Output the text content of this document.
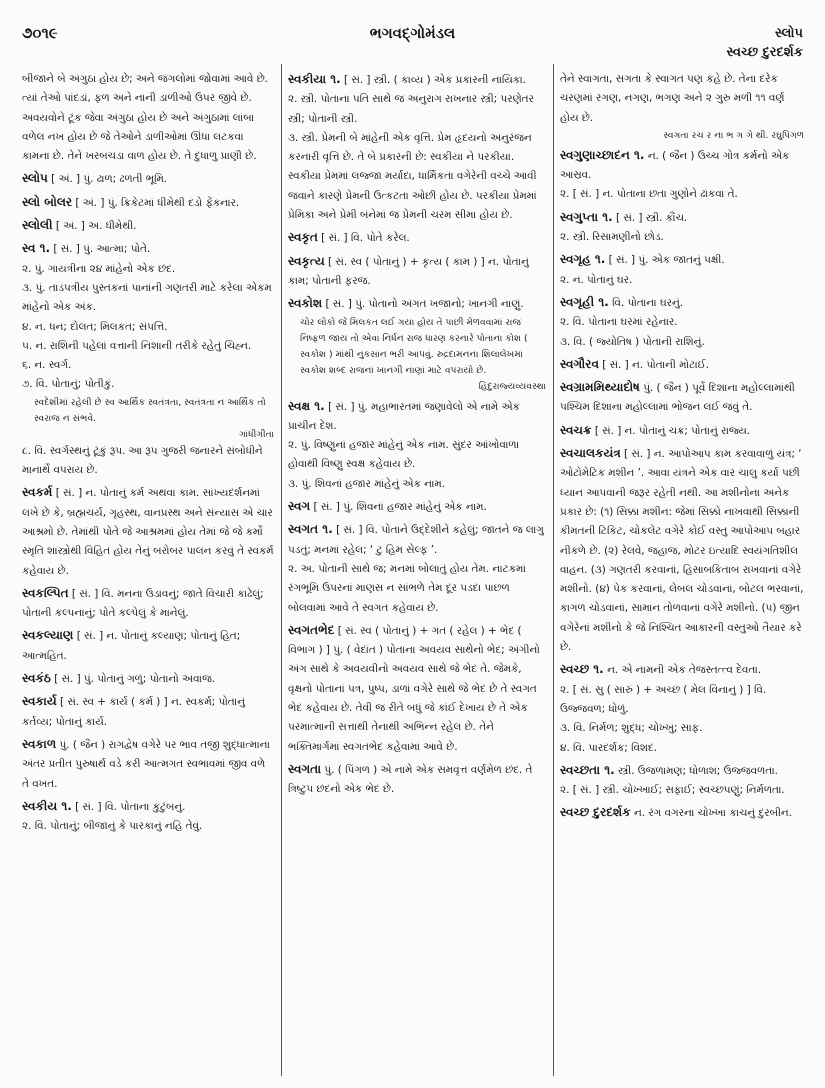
૭૦૧૯	ભગવદ્ગોમંડલ	સ્લોપ
સ્વચ્છ દુરદર્શક
બીજાને બે અંગુઠા હોય છે; અને જંગલોમાં જોવામાં આવે છે. ત્યાં તેઓ પાંદડાં, ફળ અને નાની ડાળીઓ ઉપર જીવે છે. અવયવોને ટૂંક જેવા અંગુઠા હોય છે અને અંગુઠામાં લાંબા વળેલ નખ હોય છે જે તેઓને ડાળીઓમાં ઊંધા લટકવા કામના છે. તેને ખરબચડા વાળ હોય છે. તે દુધાળુ પ્રાણી છે.
સ્લોપ [ અં. ] પું. ઢાળ; ઢળતી ભૂમિ.
સ્લો બોલર [ અં. ] પું. ક્રિકેટમાં ધીમેથી દડો ફેંકનાર.
સ્લોલી [ અં. ] અ. ધીમેથી.
સ્વ ૧. [ સં. ] પું. આત્મા; પોતે.
૨. પું. ગાયત્રીના ૨૪ માંહેનો એક છંદ.
૩. પું. તાડપત્રીય પુસ્તકનાં પાનાંની ગણતરી માટે કરેલા એકમ માંહેનો એક અંક.
૪. ન. ધન; દોલત; મિલકત; સંપત્તિ.
૫. ન. રાશિની પહેલાં વત્તાની નિશાની તરીકે રહેતું ચિહ્ન.
૬. ન. સ્વર્ગ.
૭. વિ. પોતાનું; પોતીકું.
સ્વદેશીમાં રહેલી છે સ્વ આર્થિક સ્વતંત્રતા, સ્વતંત્રતા ન આર્થિક તો સ્વરાજ ન સંભવે.
ગાંધીગીતા
૮. વિ. સ્વર્ગસ્થનું ટૂંકું રૂપ. આ રૂપ ગુજરી જનારને સંબોધીને માનાર્થે વપરાય છે.
સ્વકર્મ [ સં. ] ન. પોતાનું કર્મ અથવા કામ. સાંખ્યદર્શનમાં લખે છે કે, બ્રહ્મચર્ય, ગૃહસ્થ, વાનપ્રસ્થ અને સંન્યાસ એ ચાર આશ્રમો છે. તેમાંથી પોતે જે આશ્રમમાં હોય તેમાં જે જે કર્મો સ્મૃતિ શાસ્ત્રોથી વિહિત હોય તેનું બરોબર પાલન કરવું તે સ્વકર્મ કહેવાય છે.
સ્વકલ્પિત [ સં. ] વિ. મનના ઉડાવનું; જાતે વિચારી કાઢેલું; પોતાની કલ્પનાનું; પોતે કલ્પેલું કે માનેલું.
સ્વકલ્યાણ [ સં. ] ન. પોતાનું કલ્યાણ; પોતાનું હિત; આત્મહિત.
સ્વકંઠ [ સં. ] પું. પોતાનું ગળું; પોતાનો અવાજ.
સ્વકાર્ય [ સં. સ્વ + કાર્ય ( કર્મ ) ] ન. સ્વકર્મ; પોતાનું કર્તવ્ય; પોતાનું કાર્ય.
સ્વકાળ પું. ( જૈન ) રાગદ્વેષ વગેરે પર ભાવ તજી શુદ્ધાત્માના અંતર પ્રતીત પુરુષાર્થ વડે કરી આત્મગત સ્વભાવમાં જીવ વળે તે વખત.
સ્વકીય ૧. [ સં. ] વિ. પોતાના કુટુંબનું.
૨. વિ. પોતાનું; બીજાનું કે પારકાનું નહિ તેવું.
સ્વકીયા ૧. [ સં. ] સ્ત્રી. ( કાવ્ય ) એક પ્રકારની નાયિકા.
૨. સ્ત્રી. પોતાના પતિ સાથે જ અનુરાગ રાખનાર સ્ત્રી; પરણેતર સ્ત્રી; પોતાની સ્ત્રી.
૩. સ્ત્રી. પ્રેમની બે માંહેની એક વૃત્તિ. પ્રેમ હૃદયનો અનુરંજન કરનારી વૃત્તિ છે. તે બે પ્રકારની છે: સ્વકીયા ને પરકીયા. સ્વકીયા પ્રેમમાં લજ્જા મર્યાદા, ધાર્મિકતા વગેરેની વચ્ચે આવી જવાને કારણે પ્રેમની ઉત્કટતા ઓછી હોય છે. પરકીયા પ્રેમમાં પ્રેમિકા અને પ્રેમી બંનેમાં જ પ્રેમની ચરમ સીમા હોય છે.
સ્વકૃત [ સં. ] વિ. પોતે કરેલ.
સ્વકૃત્ય [ સં. સ્વ ( પોતાનું ) + કૃત્ય ( કામ ) ] ન. પોતાનું કામ; પોતાની ફરજ.
સ્વકોશ [ સં. ] પું. પોતાનો અંગત ખજાનો; ખાનગી નાણું.
ચોર લોકો જે મિલકત લઈ ગયા હોય તે પાછી મેળવવામાં રાજ નિષ્ફળ જાય તો એવા નિર્ધન રાજ ધારણ કરનારે પોતાના કોશ ( સ્વકોશ ) માંથી નુકસાન ભરી આપવું. રુદ્રદામનના શિલાલેખમાં સ્વકોશ શબ્દ રાજનાં ખાનગી નાણાં માટે વપરાયો છે.
હિંદુરાજ્યવ્યવસ્થા
સ્વક્ષ ૧. [ સં. ] પું. મહાભારતમાં જણાવેલો એ નામે એક પ્રાચીન દેશ.
૨. પું. વિષ્ણુનાં હજાર માંહેનું એક નામ. સુંદર આંખોવાળા હોવાથી વિષ્ણુ સ્વક્ષ કહેવાય છે.
૩. પું. શિવનાં હજાર માંહેનું એક નામ.
સ્વગ [ સં. ] પું. શિવનાં હજાર માંહેનું એક નામ.
સ્વગત ૧. [ સં. ] વિ. પોતાને ઉદ્દેશીને કહેલું; જાતને જ લાગુ પડતું; મનમાં રહેલ; ‘ ટુ હિમ સેલ્ફ ’.
૨. અ. પોતાની સાથે જ; મનમાં બોલાતું હોય તેમ. નાટકમાં રંગભૂમિ ઉપરનાં માણસ ન સાંભળે તેમ દૂર પડદા પાછળ બોલવામાં આવે તે સ્વગત કહેવાય છે.
સ્વગતભેદ [ સં. સ્વ ( પોતાનું ) + ગત ( રહેલ ) + ભેદ ( વિભાગ ) ] પું. ( વેદાંત ) પોતાના અવયવ સાથેનો ભેદ; અંગીનો અંગ સાથે કે અવયવીનો અવયવ સાથે જે ભેદ તે. જેમકે, વૃક્ષનો પોતાનાં પત્ર, પુષ્પ, ડાળાં વગેરે સાથે જે ભેદ છે તે સ્વગત ભેદ કહેવાય છે. તેવી જ રીતે બધું જે કાંઈ દેખાય છે તે એક પરમાત્માની સત્તાથી તેનાથી અભિન્ન રહેલ છે. તેને ભક્તિમાર્ગમાં સ્વગતભેદ કહેવામાં આવે છે.
સ્વગતા પું. ( પિંગળ ) એ નામે એક સમવૃત્ત વર્ણમેળ છંદ. તે ત્રિષ્ટુપ છંદનો એક ભેદ છે.
તેને સ્વાગતા, સગતા કે સ્વાગત પણ કહે છે. તેના દરેક ચરણમાં રગણ, નગણ, ભગણ અને ૨ ગુરુ મળી ૧૧ વર્ણ હોય છે.
સ્વગતા રચ ર ના ભ ગ ગે થી. રઘુપિંગળ
સ્વગુણાચ્છાદન ૧. ન. ( જૈન ) ઉચ્ચ ગોત્ર કર્મનો એક આસ્રવ.
૨. [ સં. ] ન. પોતાના છતા ગુણોને ઢાંકવા તે.
સ્વગુપ્તા ૧. [ સં. ] સ્ત્રી. કૌંચ.
૨. સ્ત્રી. રિસામણીનો છોડ.
સ્વગૃહ ૧. [ સં. ] પું. એક જાતનું પક્ષી.
૨. ન. પોતાનું ઘર.
સ્વગૃહી ૧. વિ. પોતાના ઘરનું.
૨. વિ. પોતાના ઘરમાં રહેનાર.
૩. વિ. ( જ્યોતિષ ) પોતાની રાશિનું.
સ્વગૌરવ [ સં. ] ન. પોતાની મોટાઈ.
સ્વગ્રામમિથ્યાદોષ પું. ( જૈન ) પૂર્વે દિશાના મહોલ્લામાંથી પશ્ચિમ દિશાના મહોલ્લામાં ભોજન લઈ જવું તે.
સ્વચક્ર [ સં. ] ન. પોતાનું ચક્ર; પોતાનું રાજ્ય.
સ્વચાલકયંત્ર [ સં. ] ન. આપોઆપ કામ કરવાવાળું યંત્ર; ‘ ઓટોમેટિક મશીન ’. આવા યંત્રને એક વાર ચાલુ કર્યા પછી ધ્યાન આપવાની જરૂર રહેતી નથી. આ મશીનોના અનેક પ્રકાર છે: (૧) સિક્કા મશીન: જેમાં સિક્કો નાખવાથી સિક્કાની કીમતની ટિકિટ, ચોકલેટ વગેરે કોઈ વસ્તુ આપોઆપ બહાર નીકળે છે. (૨) રેલવે, જહાજ, મોટર ઇત્યાદિ સ્વયંગતિશીલ વાહન. (૩) ગણતરી કરવાનાં, હિસાબકિતાબ રાખવાનાં વગેરે મશીનો. (૪) પેક કરવાનાં, લેબલ ચોડવાનાં, બોટલ ભરવાનાં, કાગળ ચોડવાનાં, સામાન તોળવાનાં વગેરે મશીનો. (૫) જીન વગેરેનાં મશીનો કે જે નિશ્ચિત આકારની વસ્તુઓ તૈયાર કરે છે.
સ્વચ્છ ૧. ન. એ નામની એક તેજસ્તત્ત્વ દેવતા.
૨. [ સં. સુ ( સારું ) + અચ્છ ( મેલ વિનાનું ) ] વિ. ઉજ્જવળ; ધોળું.
૩. વિ. નિર્મળ; શુદ્ધ; ચોખ્ખું; સાફ.
૪. વિ. પારદર્શક; વિશદ.
સ્વચ્છતા ૧. સ્ત્રી. ઉજળામણ; ધોળાશ; ઉજ્જવળતા.
૨. [ સં. ] સ્ત્રી. ચોખ્ખાઈ; સફાઈ; સ્વચ્છપણું; નિર્મળતા.
સ્વચ્છ દુરદર્શક ન. રંગ વગરના ચોખ્ખા કાચનું દુરબીન.
